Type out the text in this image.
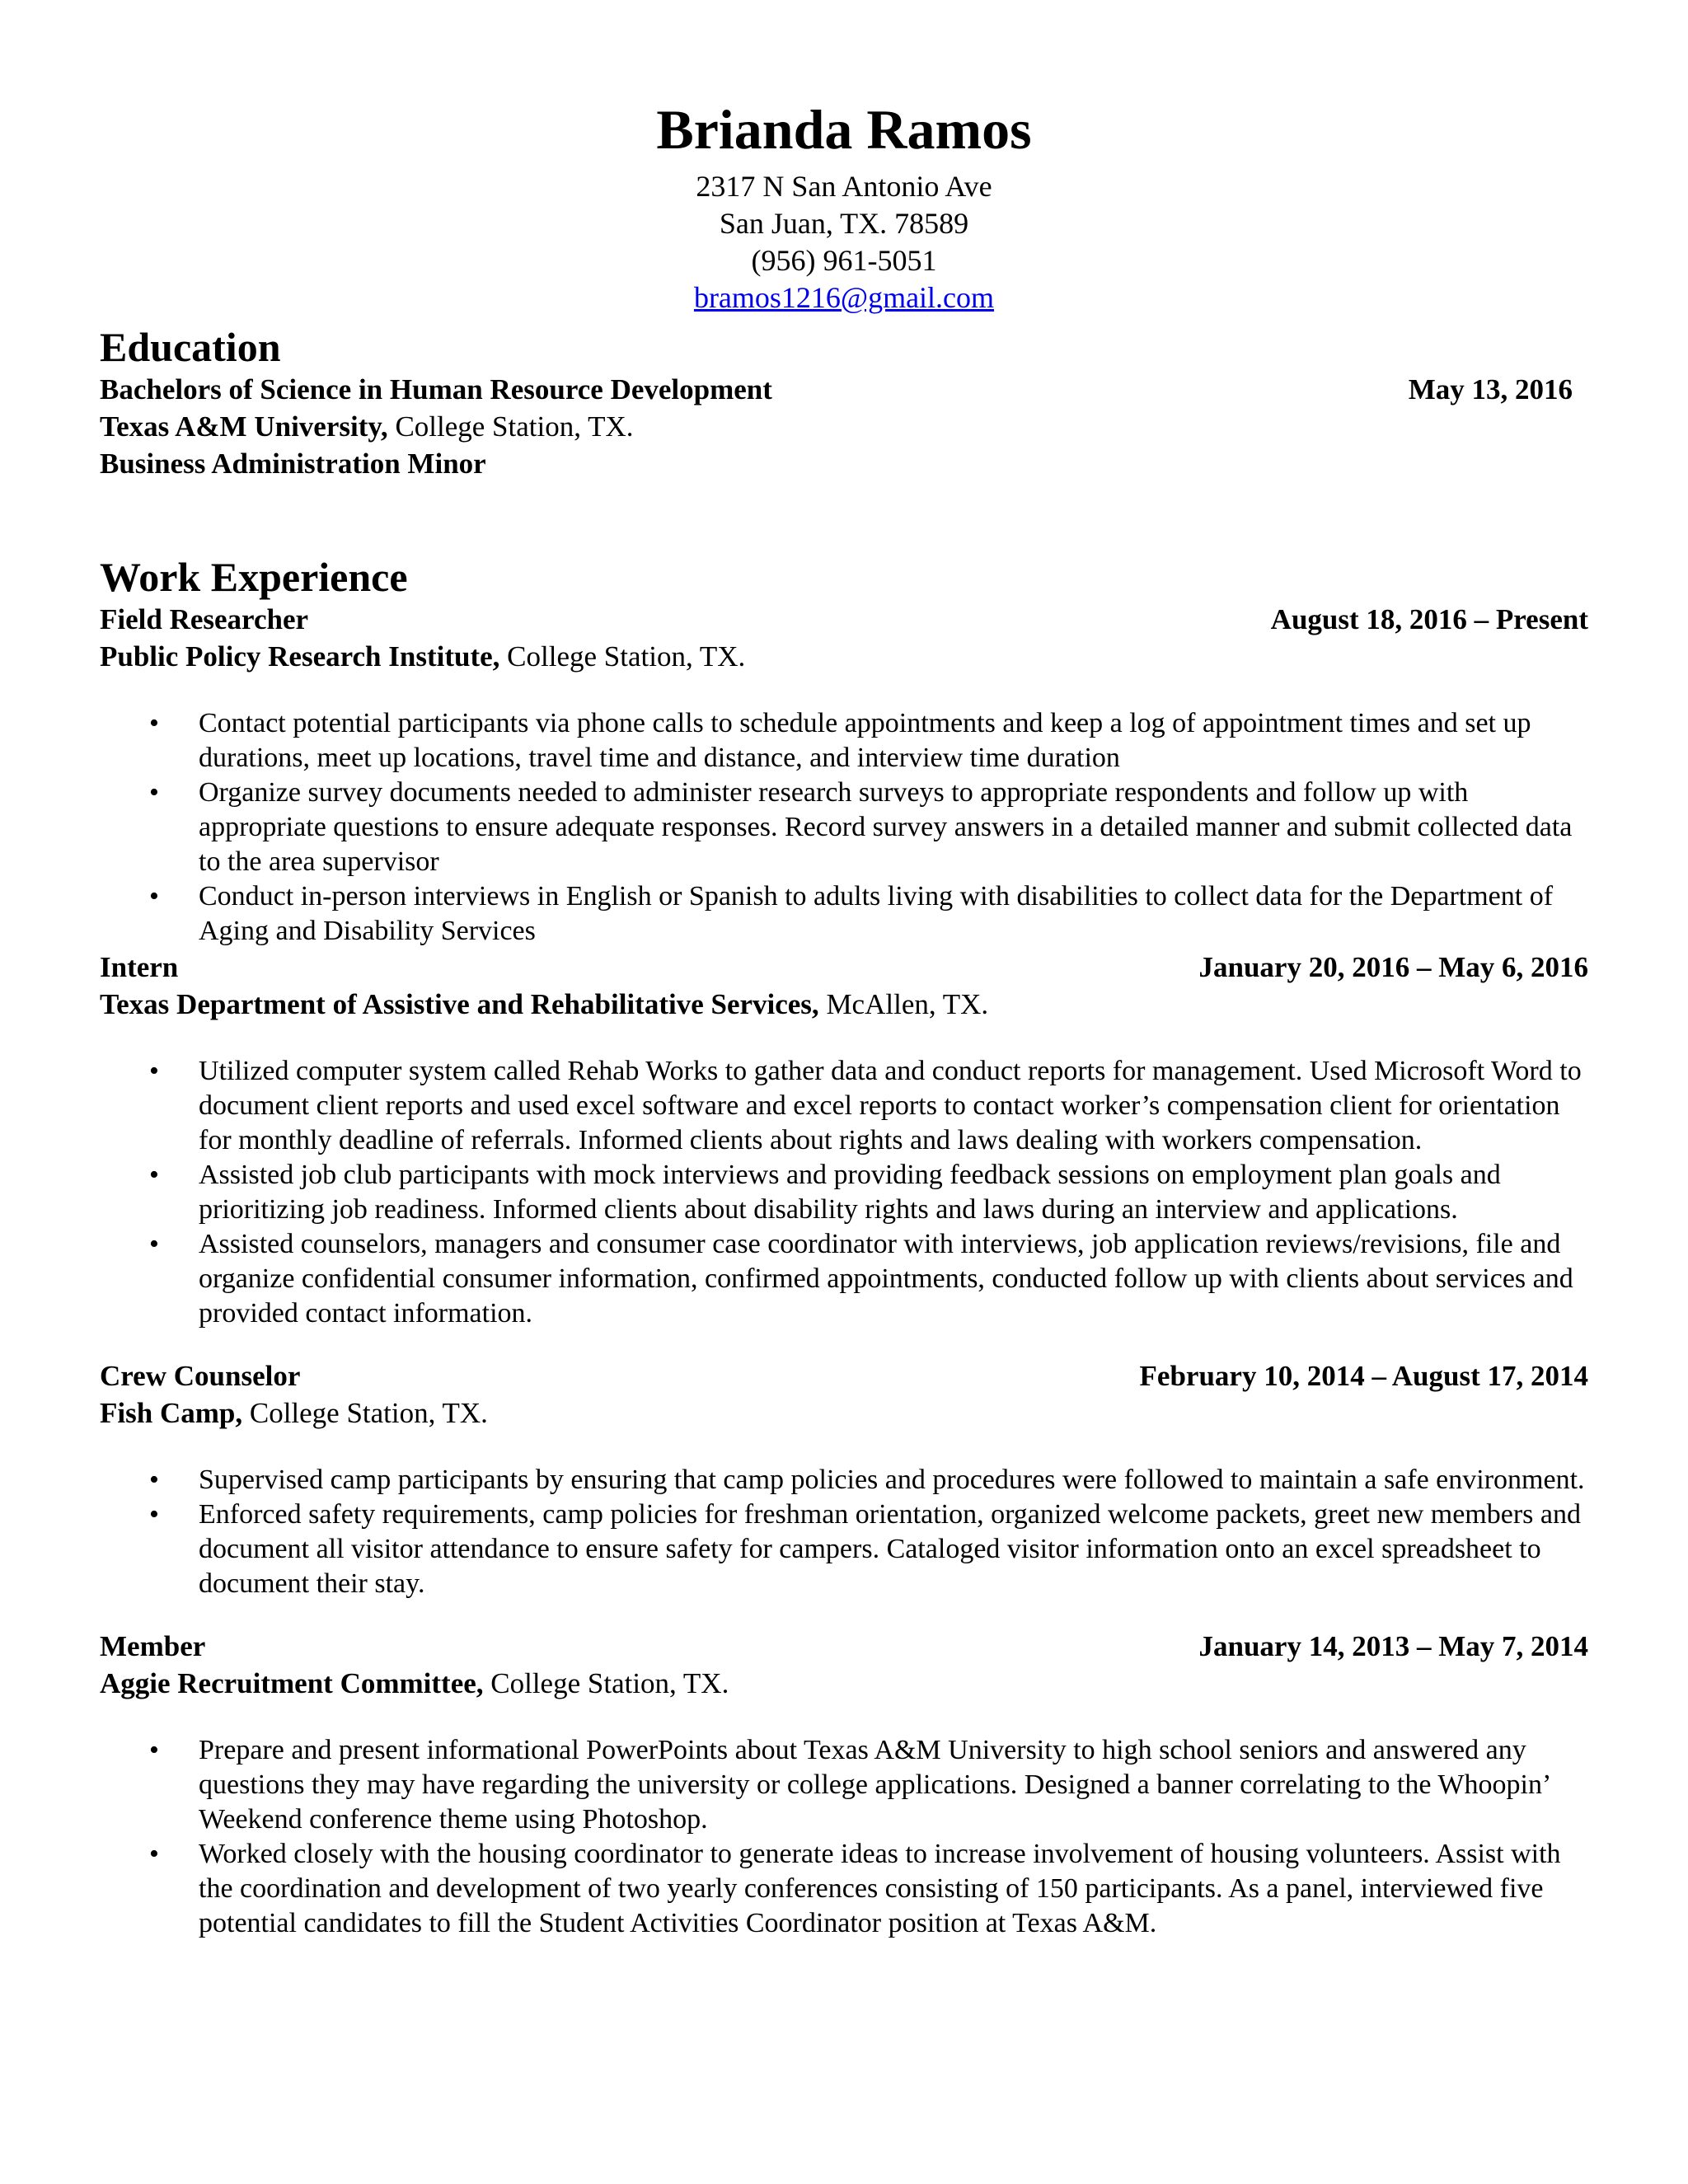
Brianda Ramos
2317 N San Antonio Ave
San Juan, TX. 78589
(956) 961-5051
bramos1216@gmail.com
Education
Bachelors of Science in Human Resource Development	May 13, 2016
Texas A&M University, College Station, TX.
Business Administration Minor
Work Experience
Field Researcher	August 18, 2016 – Present
Public Policy Research Institute, College Station, TX.
• Contact potential participants via phone calls to schedule appointments and keep a log of appointment times and set up durations, meet up locations, travel time and distance, and interview time duration
• Organize survey documents needed to administer research surveys to appropriate respondents and follow up with appropriate questions to ensure adequate responses. Record survey answers in a detailed manner and submit collected data to the area supervisor
• Conduct in-person interviews in English or Spanish to adults living with disabilities to collect data for the Department of Aging and Disability Services
Intern	January 20, 2016 – May 6, 2016
Texas Department of Assistive and Rehabilitative Services, McAllen, TX.
• Utilized computer system called Rehab Works to gather data and conduct reports for management. Used Microsoft Word to document client reports and used excel software and excel reports to contact worker’s compensation client for orientation for monthly deadline of referrals. Informed clients about rights and laws dealing with workers compensation.
• Assisted job club participants with mock interviews and providing feedback sessions on employment plan goals and prioritizing job readiness. Informed clients about disability rights and laws during an interview and applications.
• Assisted counselors, managers and consumer case coordinator with interviews, job application reviews/revisions, file and organize confidential consumer information, confirmed appointments, conducted follow up with clients about services and provided contact information.
Crew Counselor	February 10, 2014 – August 17, 2014
Fish Camp, College Station, TX.
• Supervised camp participants by ensuring that camp policies and procedures were followed to maintain a safe environment.
• Enforced safety requirements, camp policies for freshman orientation, organized welcome packets, greet new members and document all visitor attendance to ensure safety for campers. Cataloged visitor information onto an excel spreadsheet to document their stay.
Member	January 14, 2013 – May 7, 2014
Aggie Recruitment Committee, College Station, TX.
• Prepare and present informational PowerPoints about Texas A&M University to high school seniors and answered any questions they may have regarding the university or college applications. Designed a banner correlating to the Whoopin’ Weekend conference theme using Photoshop.
• Worked closely with the housing coordinator to generate ideas to increase involvement of housing volunteers. Assist with the coordination and development of two yearly conferences consisting of 150 participants. As a panel, interviewed five potential candidates to fill the Student Activities Coordinator position at Texas A&M.
